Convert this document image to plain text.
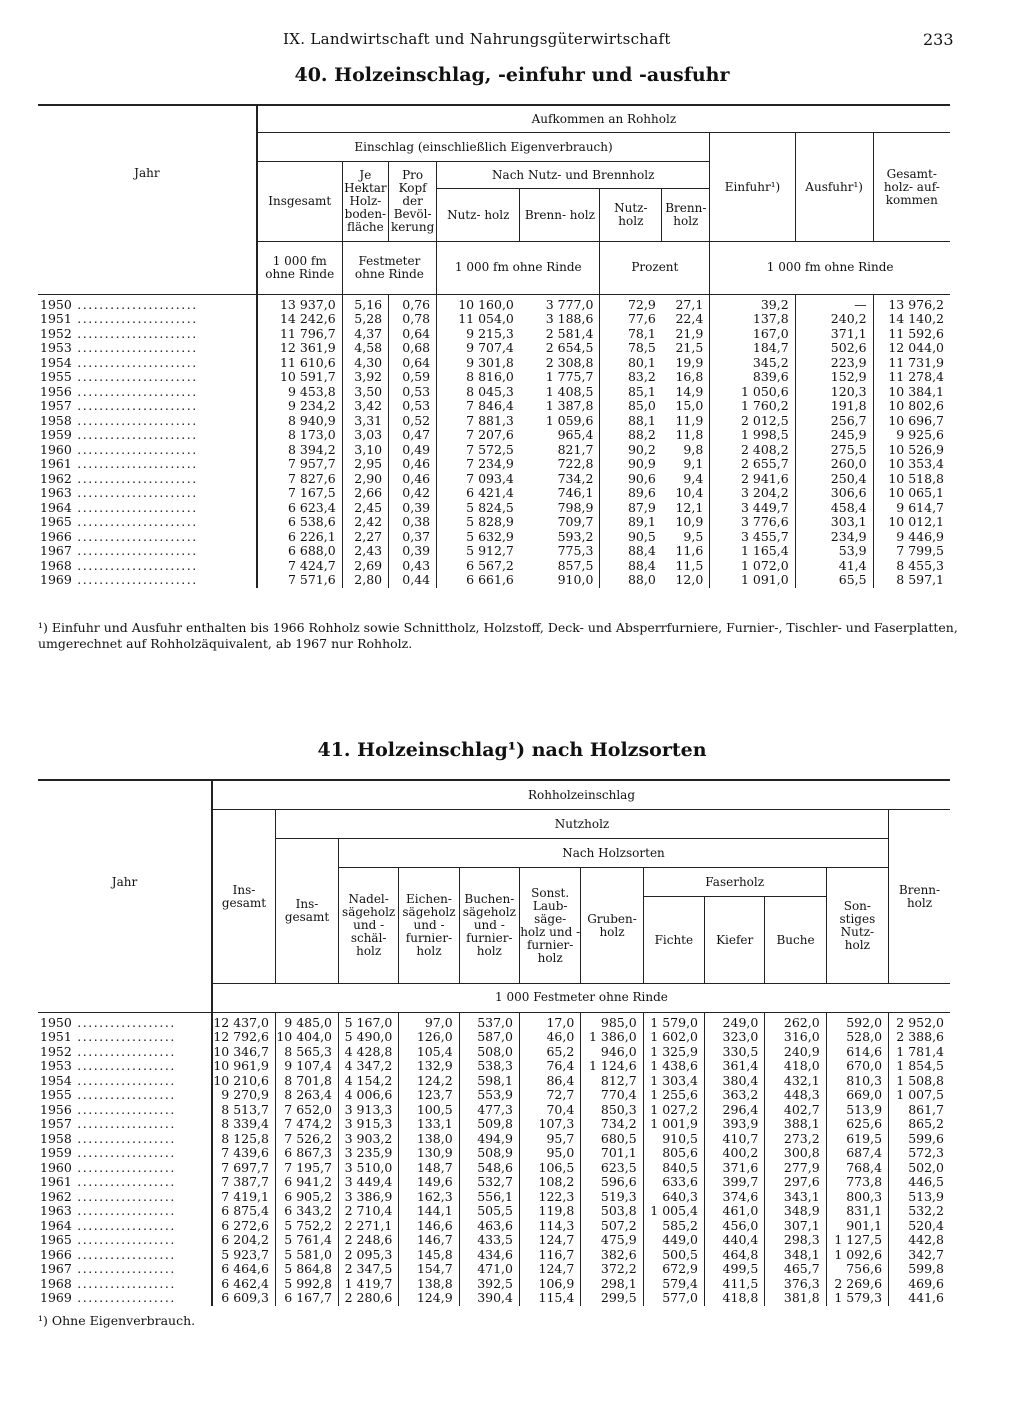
IX. Landwirtschaft und Nahrungsgüterwirtschaft	233
40. Holzeinschlag, -einfuhr und -ausfuhr
Jahr	Aufkommen an Rohholz									
	Einschlag (einschließlich Eigenverbrauch)							Einfuhr¹)	Ausfuhr¹)	Gesamt- holz- auf- kommen
	Insgesamt	Je Hektar Holz- boden- fläche	Pro Kopf der Bevöl- kerung	Nach Nutz- und Brennholz						
				Nutz- holz	Brenn- holz	Nutz- holz	Brenn- holz			
	1 000 fm ohne Rinde	Festmeter ohne Rinde		1 000 fm ohne Rinde		Prozent		1 000 fm ohne Rinde		

1950 ......................	13 937,0	5,16	0,76	10 160,0	3 777,0	72,9	27,1	39,2	—	13 976,2
1951 ......................	14 242,6	5,28	0,78	11 054,0	3 188,6	77,6	22,4	137,8	240,2	14 140,2
1952 ......................	11 796,7	4,37	0,64	9 215,3	2 581,4	78,1	21,9	167,0	371,1	11 592,6
1953 ......................	12 361,9	4,58	0,68	9 707,4	2 654,5	78,5	21,5	184,7	502,6	12 044,0
1954 ......................	11 610,6	4,30	0,64	9 301,8	2 308,8	80,1	19,9	345,2	223,9	11 731,9
1955 ......................	10 591,7	3,92	0,59	8 816,0	1 775,7	83,2	16,8	839,6	152,9	11 278,4
1956 ......................	9 453,8	3,50	0,53	8 045,3	1 408,5	85,1	14,9	1 050,6	120,3	10 384,1
1957 ......................	9 234,2	3,42	0,53	7 846,4	1 387,8	85,0	15,0	1 760,2	191,8	10 802,6
1958 ......................	8 940,9	3,31	0,52	7 881,3	1 059,6	88,1	11,9	2 012,5	256,7	10 696,7
1959 ......................	8 173,0	3,03	0,47	7 207,6	965,4	88,2	11,8	1 998,5	245,9	9 925,6
1960 ......................	8 394,2	3,10	0,49	7 572,5	821,7	90,2	9,8	2 408,2	275,5	10 526,9
1961 ......................	7 957,7	2,95	0,46	7 234,9	722,8	90,9	9,1	2 655,7	260,0	10 353,4
1962 ......................	7 827,6	2,90	0,46	7 093,4	734,2	90,6	9,4	2 941,6	250,4	10 518,8
1963 ......................	7 167,5	2,66	0,42	6 421,4	746,1	89,6	10,4	3 204,2	306,6	10 065,1
1964 ......................	6 623,4	2,45	0,39	5 824,5	798,9	87,9	12,1	3 449,7	458,4	9 614,7
1965 ......................	6 538,6	2,42	0,38	5 828,9	709,7	89,1	10,9	3 776,6	303,1	10 012,1
1966 ......................	6 226,1	2,27	0,37	5 632,9	593,2	90,5	9,5	3 455,7	234,9	9 446,9
1967 ......................	6 688,0	2,43	0,39	5 912,7	775,3	88,4	11,6	1 165,4	53,9	7 799,5
1968 ......................	7 424,7	2,69	0,43	6 567,2	857,5	88,4	11,5	1 072,0	41,4	8 455,3
1969 ......................	7 571,6	2,80	0,44	6 661,6	910,0	88,0	12,0	1 091,0	65,5	8 597,1
¹) Einfuhr und Ausfuhr enthalten bis 1966 Rohholz sowie Schnittholz, Holzstoff, Deck- und Absperrfurniere, Furnier-, Tischler- und Faserplatten, umgerechnet auf Rohholzäquivalent, ab 1967 nur Rohholz.
41. Holzeinschlag¹) nach Holzsorten
Jahr	Rohholzeinschlag											
	Ins- gesamt	Nutzholz										Brenn- holz
		Ins- gesamt	Nach Holzsorten									
			Nadel- sägeholz und -schäl- holz	Eichen- sägeholz und -furnier- holz	Buchen- sägeholz und -furnier- holz	Sonst. Laub- säge- holz und -furnier- holz	Gruben- holz	Faserholz			Son- stiges Nutz- holz	
								Fichte	Kiefer	Buche		
	1 000 Festmeter ohne Rinde											

1950 ..................	12 437,0	9 485,0	5 167,0	97,0	537,0	17,0	985,0	1 579,0	249,0	262,0	592,0	2 952,0
1951 ..................	12 792,6	10 404,0	5 490,0	126,0	587,0	46,0	1 386,0	1 602,0	323,0	316,0	528,0	2 388,6
1952 ..................	10 346,7	8 565,3	4 428,8	105,4	508,0	65,2	946,0	1 325,9	330,5	240,9	614,6	1 781,4
1953 ..................	10 961,9	9 107,4	4 347,2	132,9	538,3	76,4	1 124,6	1 438,6	361,4	418,0	670,0	1 854,5
1954 ..................	10 210,6	8 701,8	4 154,2	124,2	598,1	86,4	812,7	1 303,4	380,4	432,1	810,3	1 508,8
1955 ..................	9 270,9	8 263,4	4 006,6	123,7	553,9	72,7	770,4	1 255,6	363,2	448,3	669,0	1 007,5
1956 ..................	8 513,7	7 652,0	3 913,3	100,5	477,3	70,4	850,3	1 027,2	296,4	402,7	513,9	861,7
1957 ..................	8 339,4	7 474,2	3 915,3	133,1	509,8	107,3	734,2	1 001,9	393,9	388,1	625,6	865,2
1958 ..................	8 125,8	7 526,2	3 903,2	138,0	494,9	95,7	680,5	910,5	410,7	273,2	619,5	599,6
1959 ..................	7 439,6	6 867,3	3 235,9	130,9	508,9	95,0	701,1	805,6	400,2	300,8	687,4	572,3
1960 ..................	7 697,7	7 195,7	3 510,0	148,7	548,6	106,5	623,5	840,5	371,6	277,9	768,4	502,0
1961 ..................	7 387,7	6 941,2	3 449,4	149,6	532,7	108,2	596,6	633,6	399,7	297,6	773,8	446,5
1962 ..................	7 419,1	6 905,2	3 386,9	162,3	556,1	122,3	519,3	640,3	374,6	343,1	800,3	513,9
1963 ..................	6 875,4	6 343,2	2 710,4	144,1	505,5	119,8	503,8	1 005,4	461,0	348,9	831,1	532,2
1964 ..................	6 272,6	5 752,2	2 271,1	146,6	463,6	114,3	507,2	585,2	456,0	307,1	901,1	520,4
1965 ..................	6 204,2	5 761,4	2 248,6	146,7	433,5	124,7	475,9	449,0	440,4	298,3	1 127,5	442,8
1966 ..................	5 923,7	5 581,0	2 095,3	145,8	434,6	116,7	382,6	500,5	464,8	348,1	1 092,6	342,7
1967 ..................	6 464,6	5 864,8	2 347,5	154,7	471,0	124,7	372,2	672,9	499,5	465,7	756,6	599,8
1968 ..................	6 462,4	5 992,8	1 419,7	138,8	392,5	106,9	298,1	579,4	411,5	376,3	2 269,6	469,6
1969 ..................	6 609,3	6 167,7	2 280,6	124,9	390,4	115,4	299,5	577,0	418,8	381,8	1 579,3	441,6
¹) Ohne Eigenverbrauch.
